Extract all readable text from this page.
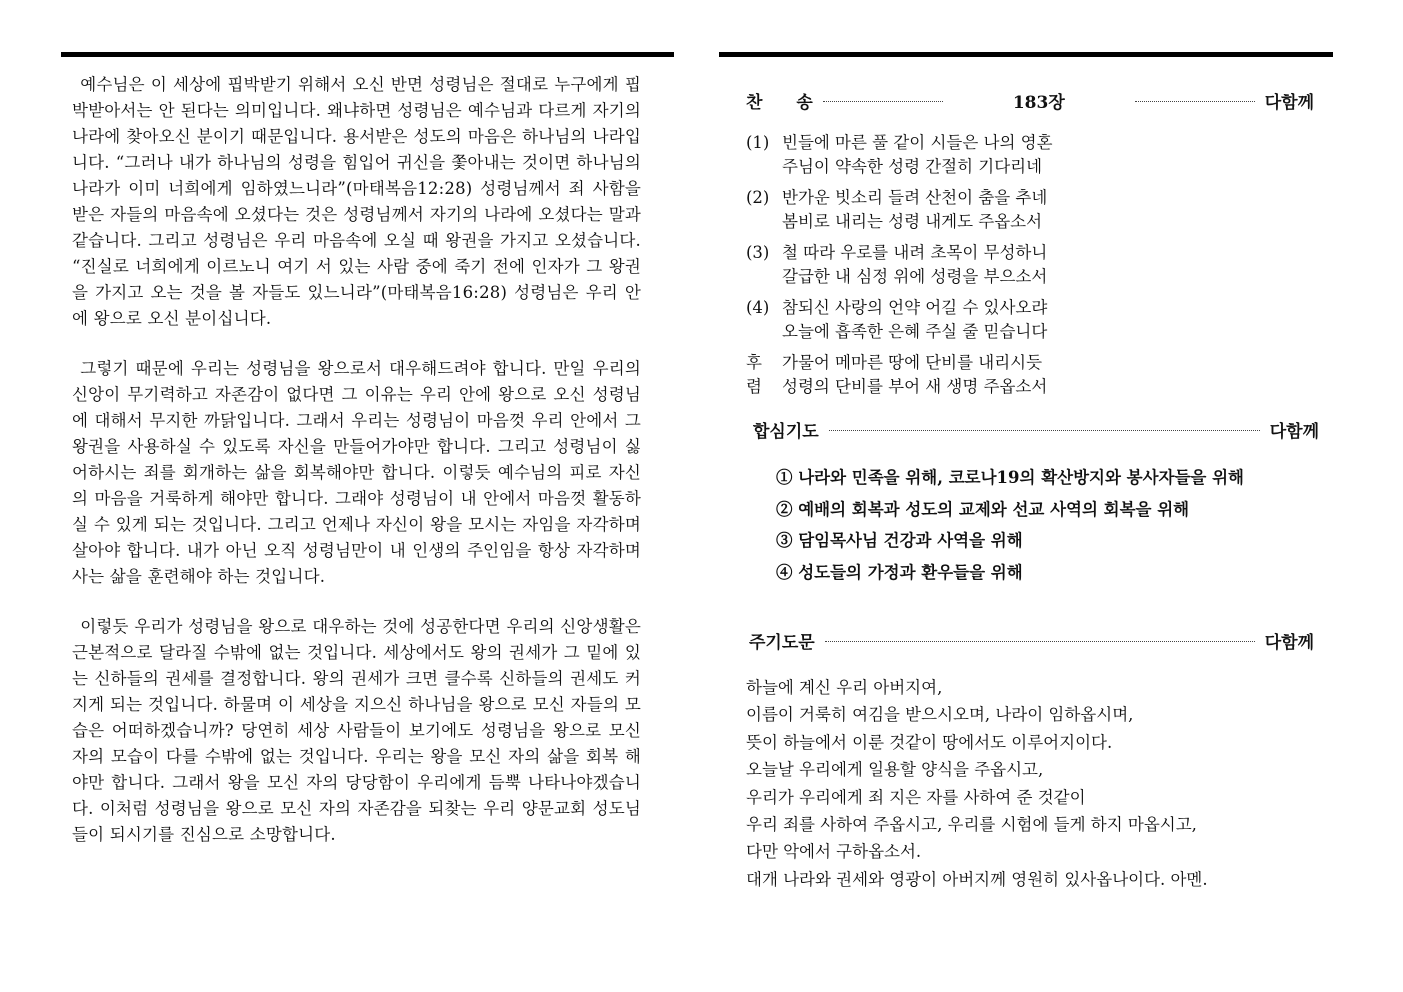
예수님은 이 세상에 핍박받기 위해서 오신 반면 성령님은 절대로 누구에게 핍박받아서는 안 된다는 의미입니다. 왜냐하면 성령님은 예수님과 다르게 자기의 나라에 찾아오신 분이기 때문입니다. 용서받은 성도의 마음은 하나님의 나라입니다. “그러나 내가 하나님의 성령을 힘입어 귀신을 쫓아내는 것이면 하나님의 나라가 이미 너희에게 임하였느니라”(마태복음12:28) 성령님께서 죄 사함을 받은 자들의 마음속에 오셨다는 것은 성령님께서 자기의 나라에 오셨다는 말과 같습니다. 그리고 성령님은 우리 마음속에 오실 때 왕권을 가지고 오셨습니다. “진실로 너희에게 이르노니 여기 서 있는 사람 중에 죽기 전에 인자가 그 왕권을 가지고 오는 것을 볼 자들도 있느니라”(마태복음16:28) 성령님은 우리 안에 왕으로 오신 분이십니다.

그렇기 때문에 우리는 성령님을 왕으로서 대우해드려야 합니다. 만일 우리의 신앙이 무기력하고 자존감이 없다면 그 이유는 우리 안에 왕으로 오신 성령님에 대해서 무지한 까닭입니다. 그래서 우리는 성령님이 마음껏 우리 안에서 그 왕권을 사용하실 수 있도록 자신을 만들어가야만 합니다. 그리고 성령님이 싫어하시는 죄를 회개하는 삶을 회복해야만 합니다. 이렇듯 예수님의 피로 자신의 마음을 거룩하게 해야만 합니다. 그래야 성령님이 내 안에서 마음껏 활동하실 수 있게 되는 것입니다. 그리고 언제나 자신이 왕을 모시는 자임을 자각하며 살아야 합니다. 내가 아닌 오직 성령님만이 내 인생의 주인임을 항상 자각하며 사는 삶을 훈련해야 하는 것입니다.

이렇듯 우리가 성령님을 왕으로 대우하는 것에 성공한다면 우리의 신앙생활은 근본적으로 달라질 수밖에 없는 것입니다. 세상에서도 왕의 권세가 그 밑에 있는 신하들의 권세를 결정합니다. 왕의 권세가 크면 클수록 신하들의 권세도 커지게 되는 것입니다. 하물며 이 세상을 지으신 하나님을 왕으로 모신 자들의 모습은 어떠하겠습니까? 당연히 세상 사람들이 보기에도 성령님을 왕으로 모신 자의 모습이 다를 수밖에 없는 것입니다. 우리는 왕을 모신 자의 삶을 회복 해야만 합니다. 그래서 왕을 모신 자의 당당함이 우리에게 듬뿍 나타나야겠습니다. 이처럼 성령님을 왕으로 모신 자의 자존감을 되찾는 우리 양문교회 성도님들이 되시기를 진심으로 소망합니다.

찬　　송	183장	다함께
(1) 빈들에 마른 풀 같이 시들은 나의 영혼
주님이 약속한 성령 간절히 기다리네
(2) 반가운 빗소리 들려 산천이 춤을 추네
봄비로 내리는 성령 내게도 주옵소서
(3) 철 따라 우로를 내려 초목이 무성하니
갈급한 내 심정 위에 성령을 부으소서
(4) 참되신 사랑의 언약 어길 수 있사오랴
오늘에 흡족한 은혜 주실 줄 믿습니다
후
렴
가물어 메마른 땅에 단비를 내리시듯
성령의 단비를 부어 새 생명 주옵소서
합심기도	다함께
① 나라와 민족을 위해, 코로나19의 확산방지와 봉사자들을 위해
② 예배의 회복과 성도의 교제와 선교 사역의 회복을 위해
③ 담임목사님 건강과 사역을 위해
④ 성도들의 가정과 환우들을 위해
주기도문	다함께
하늘에 계신 우리 아버지여,
이름이 거룩히 여김을 받으시오며, 나라이 임하옵시며,
뜻이 하늘에서 이룬 것같이 땅에서도 이루어지이다.
오늘날 우리에게 일용할 양식을 주옵시고,
우리가 우리에게 죄 지은 자를 사하여 준 것같이
우리 죄를 사하여 주옵시고, 우리를 시험에 들게 하지 마옵시고,
다만 악에서 구하옵소서.
대개 나라와 권세와 영광이 아버지께 영원히 있사옵나이다. 아멘.
